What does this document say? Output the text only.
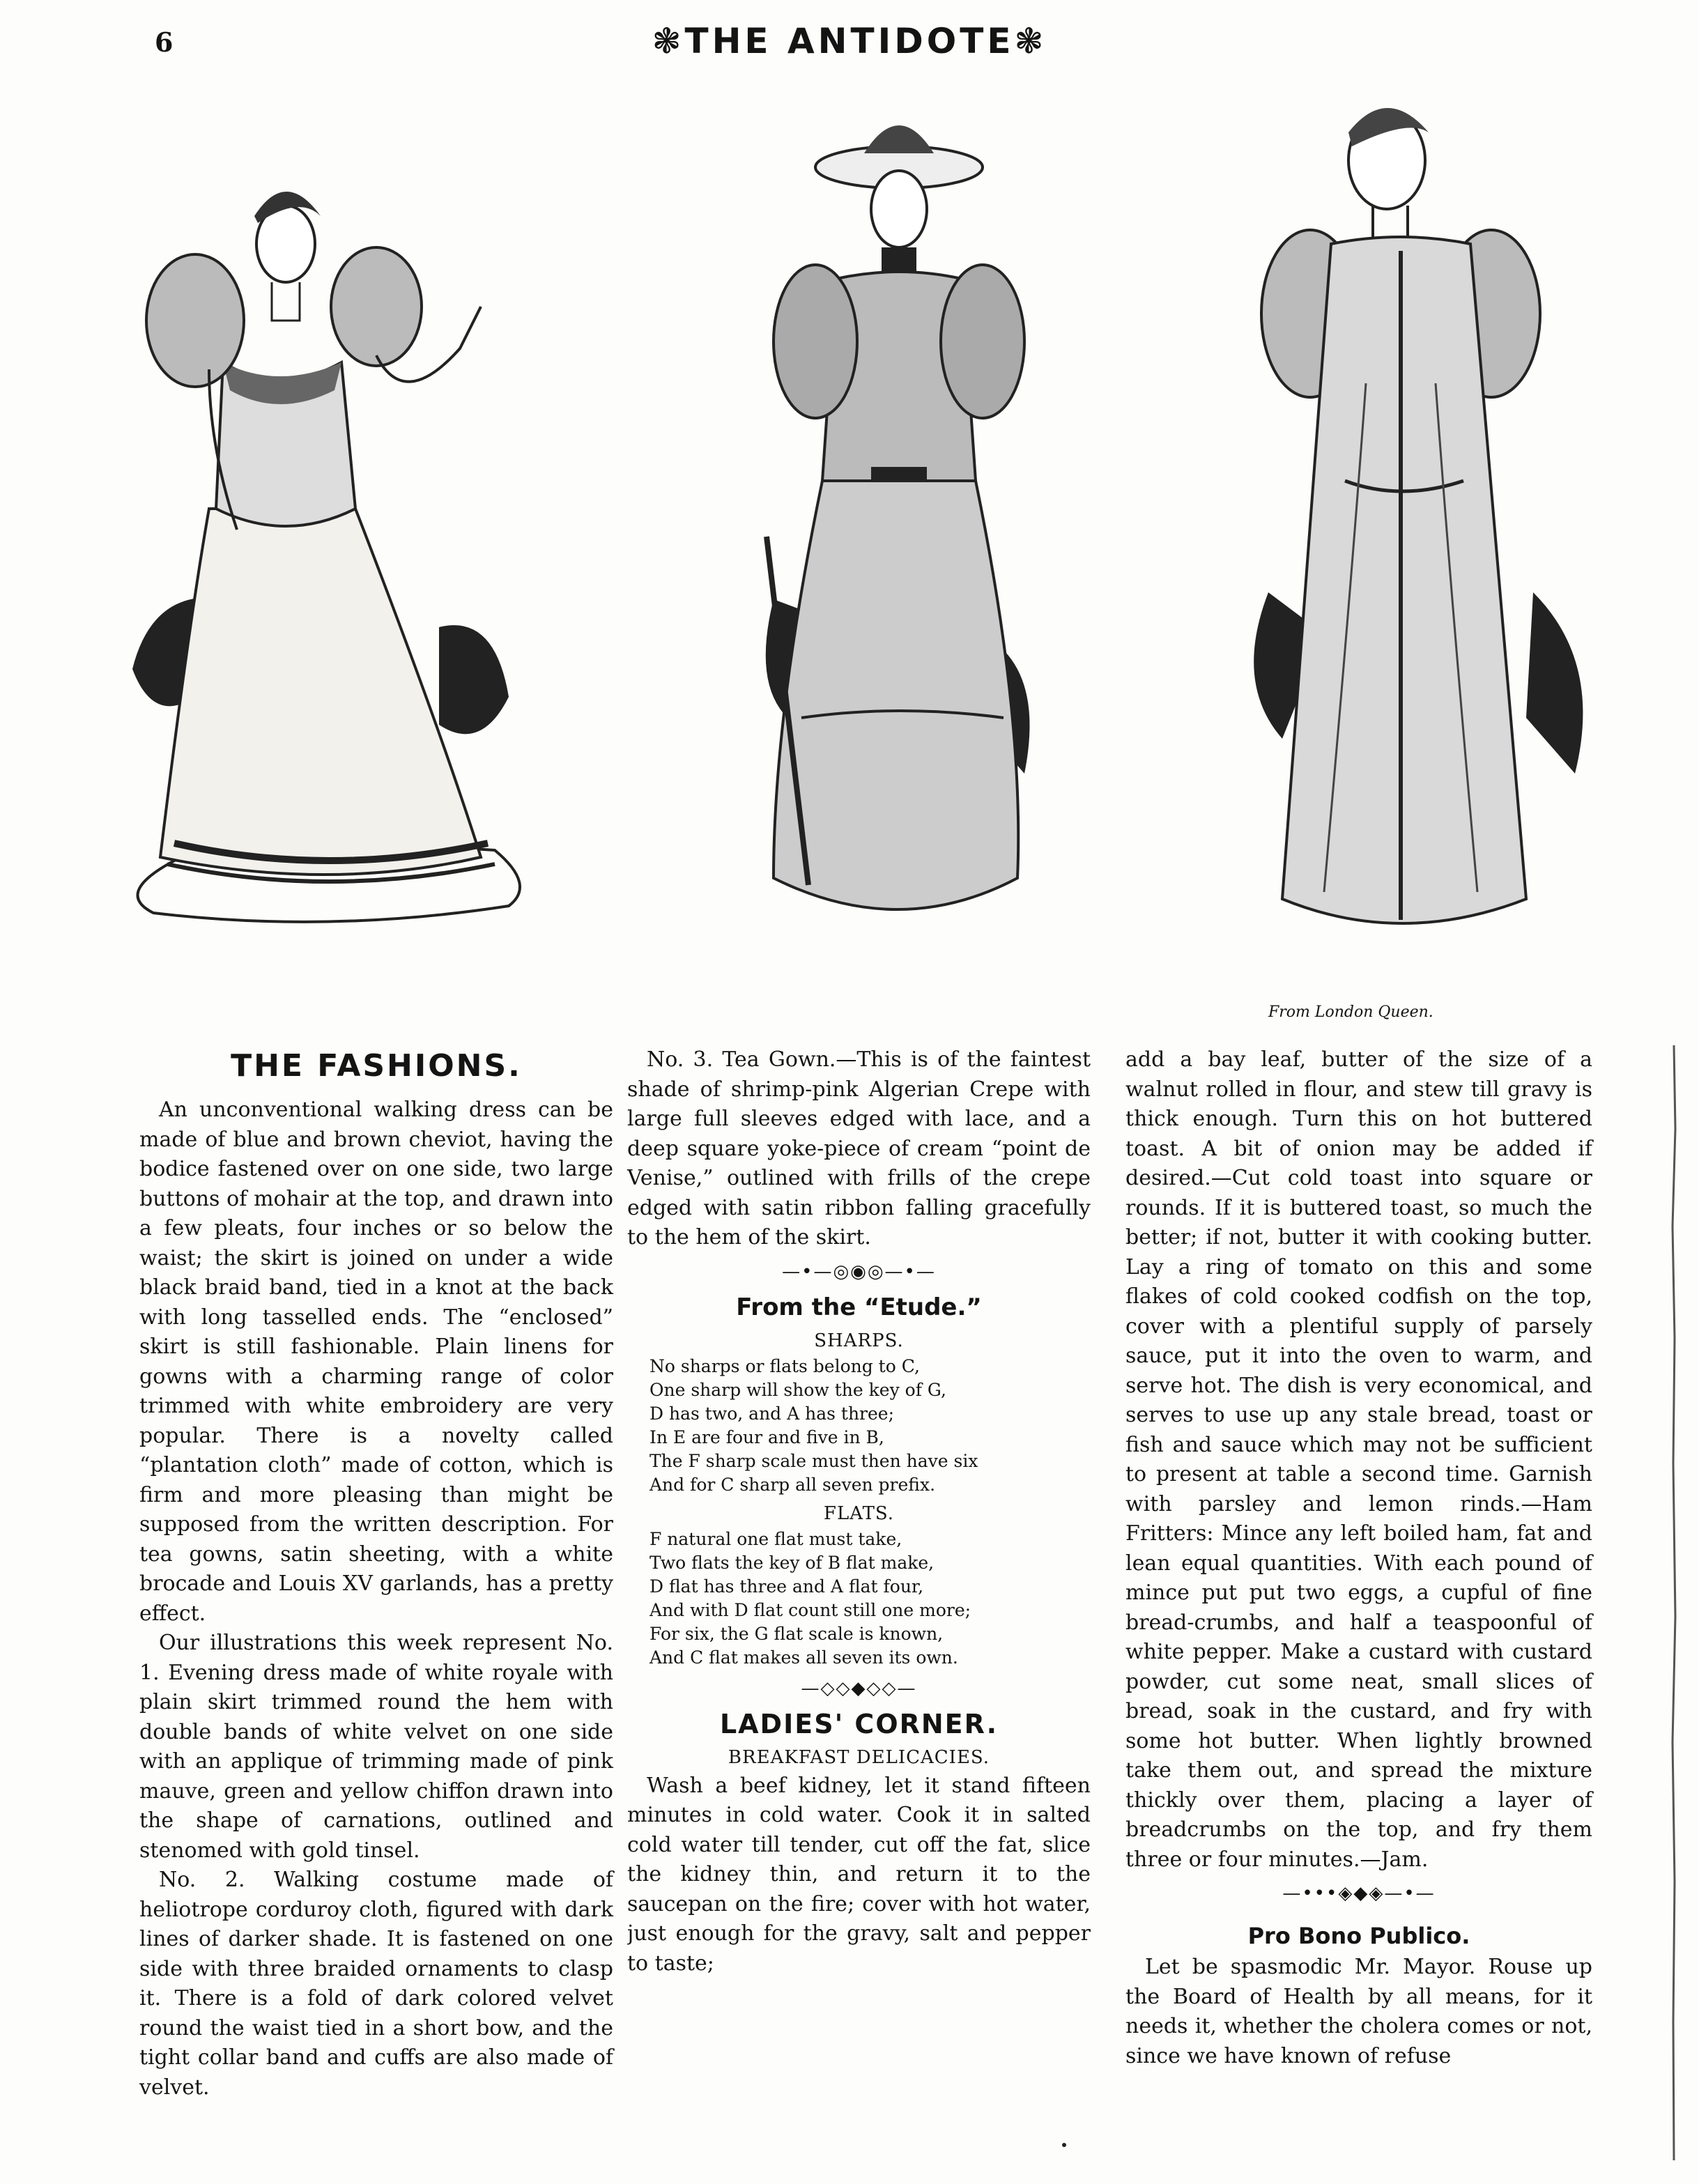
6	❃THE ANTIDOTE❃
From London Queen.
THE FASHIONS.

An unconventional walking dress can be made of blue and brown cheviot, having the bodice fastened over on one side, two large buttons of mohair at the top, and drawn into a few pleats, four inches or so below the waist; the skirt is joined on under a wide black braid band, tied in a knot at the back with long tasselled ends. The “enclosed” skirt is still fashionable. Plain linens for gowns with a charming range of color trimmed with white embroidery are very popular. There is a novelty called “plantation cloth” made of cotton, which is firm and more pleasing than might be supposed from the written description. For tea gowns, satin sheeting, with a white brocade and Louis XV garlands, has a pretty effect.

Our illustrations this week represent No. 1. Evening dress made of white royale with plain skirt trimmed round the hem with double bands of white velvet on one side with an applique of trimming made of pink mauve, green and yellow chiffon drawn into the shape of carnations, outlined and stenomed with gold tinsel.

No. 2. Walking costume made of heliotrope corduroy cloth, figured with dark lines of darker shade. It is fastened on one side with three braided ornaments to clasp it. There is a fold of dark colored velvet round the waist tied in a short bow, and the tight collar band and cuffs are also made of velvet.

No. 3. Tea Gown.—This is of the faintest shade of shrimp-pink Algerian Crepe with large full sleeves edged with lace, and a deep square yoke-piece of cream “point de Venise,” outlined with frills of the crepe edged with satin ribbon falling gracefully to the hem of the skirt.

—•—◎◉◎—•—
From the “Etude.”
SHARPS.
No sharps or flats belong to C,
One sharp will show the key of G,
D has two, and A has three;
In E are four and five in B,
The F sharp scale must then have six
And for C sharp all seven prefix.
FLATS.
F natural one flat must take,
Two flats the key of B flat make,
D flat has three and A flat four,
And with D flat count still one more;
For six, the G flat scale is known,
And C flat makes all seven its own.
—◇◇◆◇◇—
LADIES' CORNER.
BREAKFAST DELICACIES.
Wash a beef kidney, let it stand fifteen minutes in cold water. Cook it in salted cold water till tender, cut off the fat, slice the kidney thin, and return it to the saucepan on the fire; cover with hot water, just enough for the gravy, salt and pepper to taste;
add a bay leaf, butter of the size of a walnut rolled in flour, and stew till gravy is thick enough. Turn this on hot buttered toast. A bit of onion may be added if desired.—Cut cold toast into square or rounds. If it is buttered toast, so much the better; if not, butter it with cooking butter. Lay a ring of tomato on this and some flakes of cold cooked codfish on the top, cover with a plentiful supply of parsely sauce, put it into the oven to warm, and serve hot. The dish is very economical, and serves to use up any stale bread, toast or fish and sauce which may not be sufficient to present at table a second time. Garnish with parsley and lemon rinds.—Ham Fritters: Mince any left boiled ham, fat and lean equal quantities. With each pound of mince put put two eggs, a cupful of fine bread-crumbs, and half a teaspoonful of white pepper. Make a custard with custard powder, cut some neat, small slices of bread, soak in the custard, and fry with some hot butter. When lightly browned take them out, and spread the mixture thickly over them, placing a layer of breadcrumbs on the top, and fry them three or four minutes.—Jam.
—•••◈◆◈—•—
Pro Bono Publico.

Let be spasmodic Mr. Mayor. Rouse up the Board of Health by all means, for it needs it, whether the cholera comes or not, since we have known of refuse
